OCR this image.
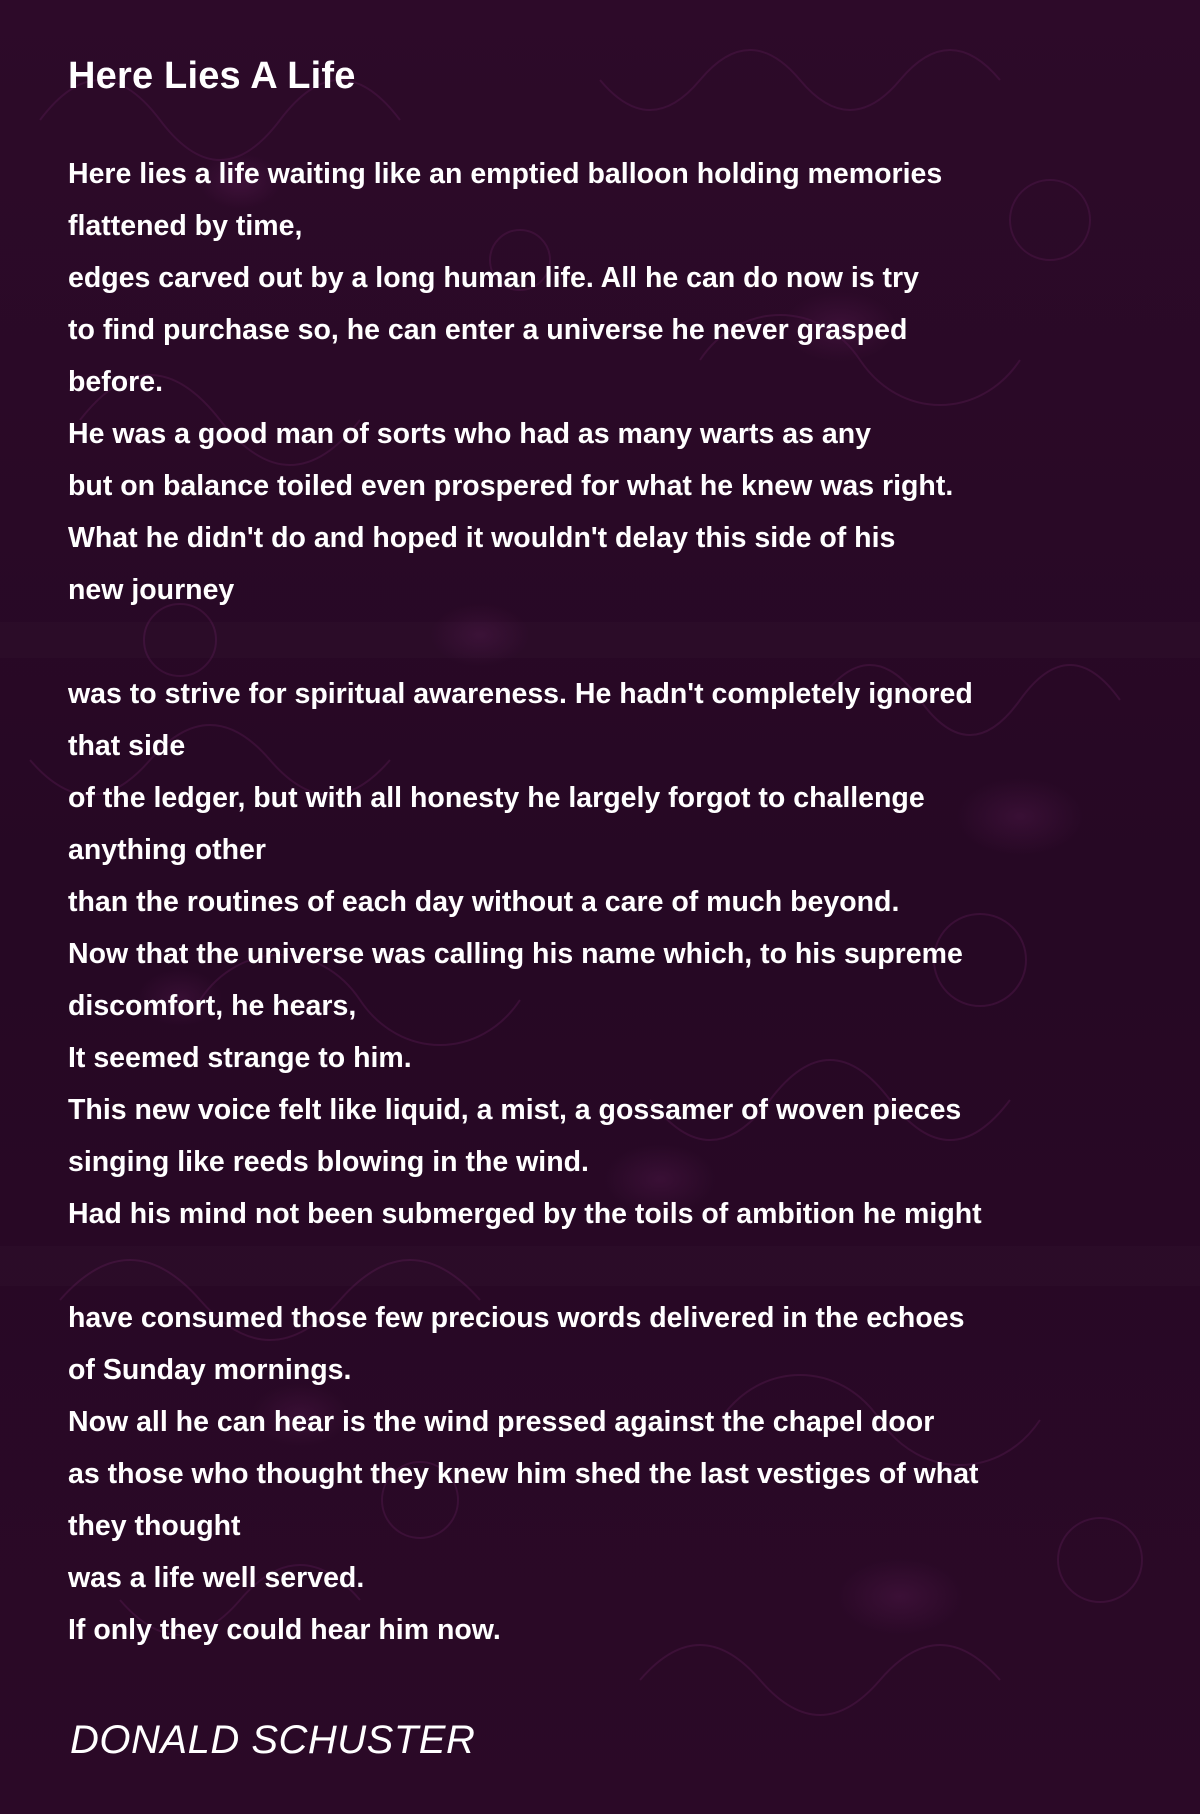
Here Lies A Life
Here lies a life waiting like an emptied balloon holding memories
flattened by time,
edges carved out by a long human life. All he can do now is try
to find purchase so, he can enter a universe he never grasped
before.
He was a good man of sorts who had as many warts as any
but on balance toiled even prospered for what he knew was right.
What he didn't do and hoped it wouldn't delay this side of his
new journey
was to strive for spiritual awareness. He hadn't completely ignored
that side
of the ledger, but with all honesty he largely forgot to challenge
anything other
than the routines of each day without a care of much beyond.
Now that the universe was calling his name which, to his supreme
discomfort, he hears,
It seemed strange to him.
This new voice felt like liquid, a mist, a gossamer of woven pieces
singing like reeds blowing in the wind.
Had his mind not been submerged by the toils of ambition he might
have consumed those few precious words delivered in the echoes
of Sunday mornings.
Now all he can hear is the wind pressed against the chapel door
as those who thought they knew him shed the last vestiges of what
they thought
was a life well served.
If only they could hear him now.
DONALD SCHUSTER
